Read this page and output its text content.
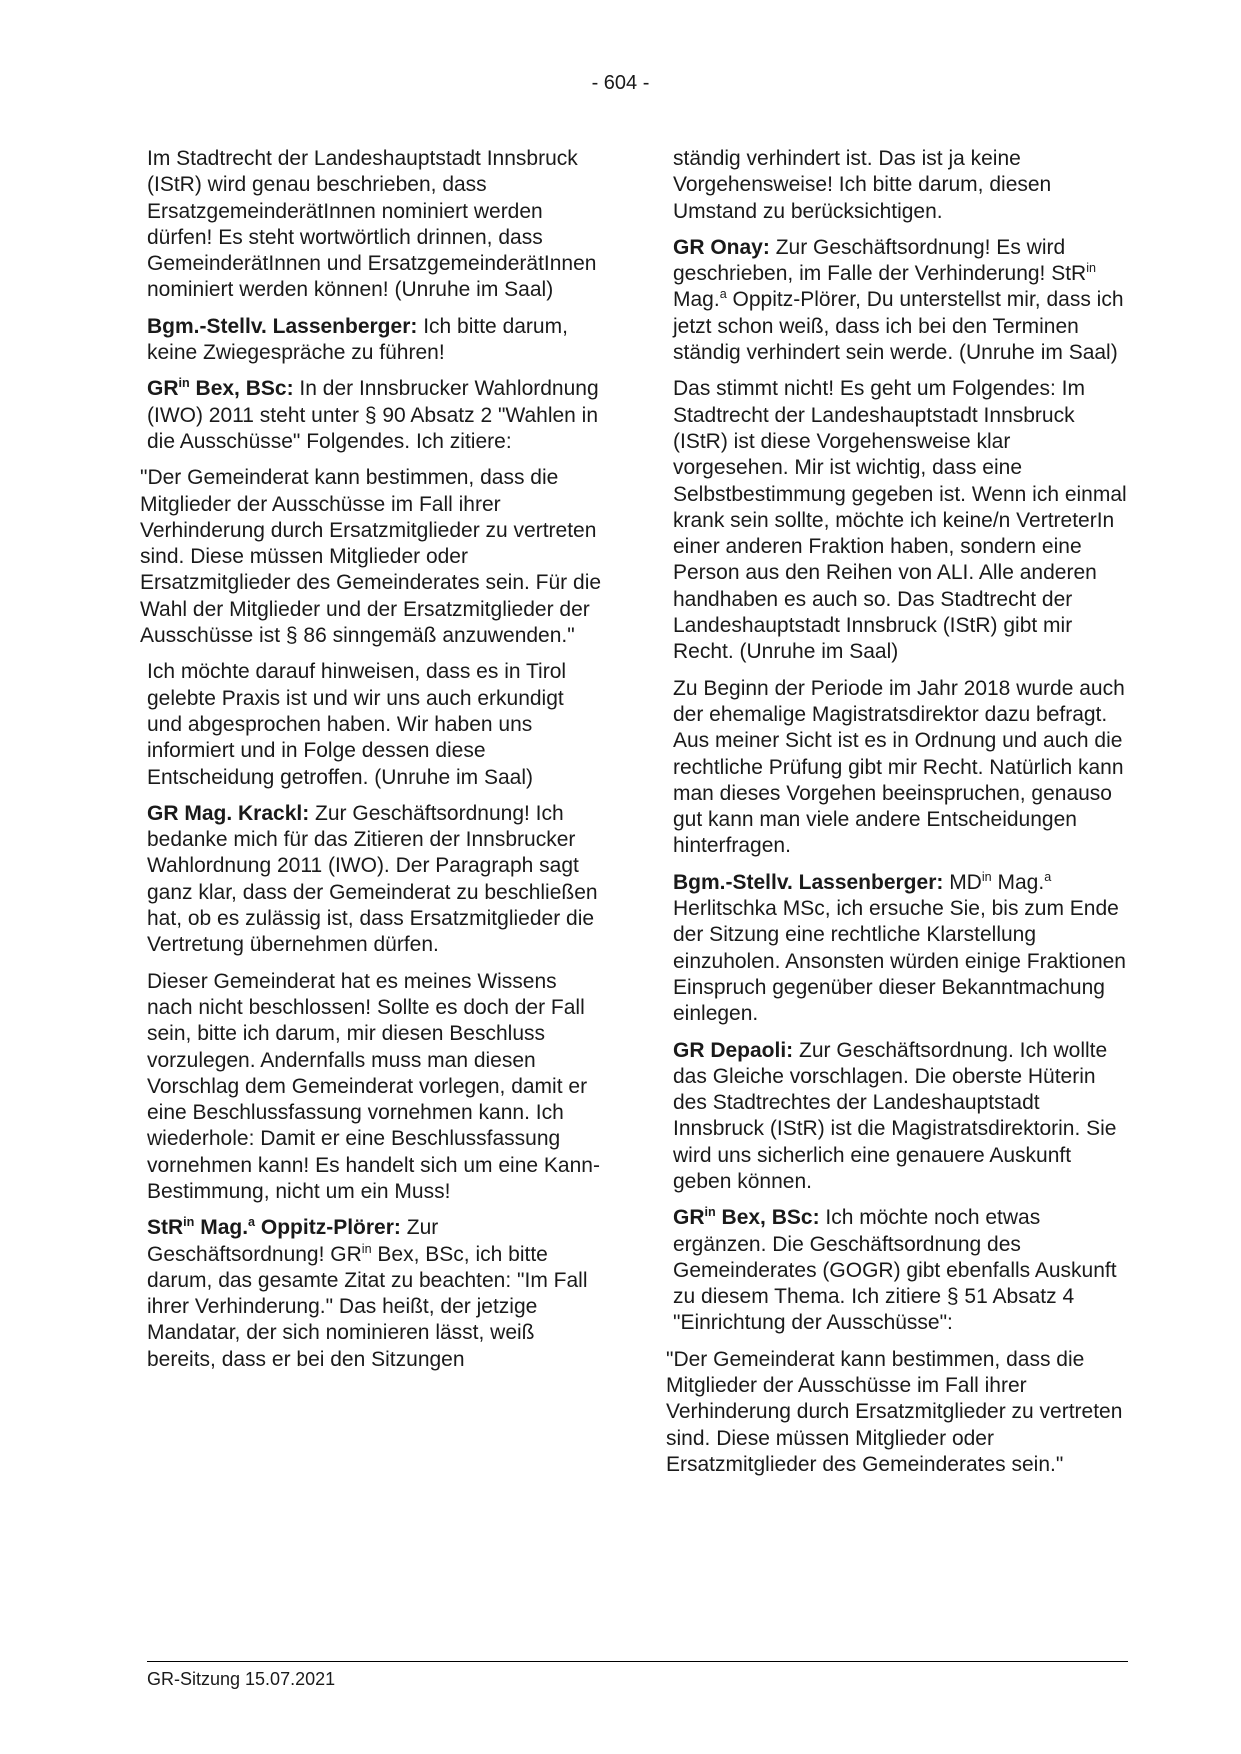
- 604 -

Im Stadtrecht der Landeshauptstadt Innsbruck (IStR) wird genau beschrieben, dass ErsatzgemeinderätInnen nominiert werden dürfen! Es steht wortwörtlich drinnen, dass GemeinderätInnen und ErsatzgemeinderätInnen nominiert werden können! (Unruhe im Saal)

Bgm.-Stellv. Lassenberger: Ich bitte darum, keine Zwiegespräche zu führen!

$GR^{in}$ Bex, BSc: In der Innsbrucker Wahlordnung (IWO) 2011 steht unter § 90 Absatz 2 "Wahlen in die Ausschüsse" Folgendes. Ich zitiere:

"Der Gemeinderat kann bestimmen, dass die Mitglieder der Ausschüsse im Fall ihrer Verhinderung durch Ersatzmitglieder zu vertreten sind. Diese müssen Mitglieder oder Ersatzmitglieder des Gemeinderates sein. Für die Wahl der Mitglieder und der Ersatzmitglieder der Ausschüsse ist § 86 sinngemäß anzuwenden."

Ich möchte darauf hinweisen, dass es in Tirol gelebte Praxis ist und wir uns auch erkundigt und abgesprochen haben. Wir haben uns informiert und in Folge dessen diese Entscheidung getroffen. (Unruhe im Saal)

GR Mag. Krackl: Zur Geschäftsordnung! Ich bedanke mich für das Zitieren der Innsbrucker Wahlordnung 2011 (IWO). Der Paragraph sagt ganz klar, dass der Gemeinderat zu beschließen hat, ob es zulässig ist, dass Ersatzmitglieder die Vertretung übernehmen dürfen.

Dieser Gemeinderat hat es meines Wissens nach nicht beschlossen! Sollte es doch der Fall sein, bitte ich darum, mir diesen Beschluss vorzulegen. Andernfalls muss man diesen Vorschlag dem Gemeinderat vorlegen, damit er eine Beschlussfassung vornehmen kann. Ich wiederhole: Damit er eine Beschlussfassung vornehmen kann! Es handelt sich um eine Kann-Bestimmung, nicht um ein Muss!

StR$^{in}$ Mag.$^a$ Oppitz-Plörer: Zur Geschäftsordnung! $GR^{in}$ Bex, BSc, ich bitte darum, das gesamte Zitat zu beachten: "Im Fall ihrer Verhinderung." Das heißt, der jetzige Mandatar, der sich nominieren lässt, weiß bereits, dass er bei den Sitzungen

ständig verhindert ist. Das ist ja keine Vorgehensweise! Ich bitte darum, diesen Umstand zu berücksichtigen.

GR Onay: Zur Geschäftsordnung! Es wird geschrieben, im Falle der Verhinderung! StR$^{in}$ Mag.$^a$ Oppitz-Plörer, Du unterstellst mir, dass ich jetzt schon weiß, dass ich bei den Terminen ständig verhindert sein werde. (Unruhe im Saal)

Das stimmt nicht! Es geht um Folgendes: Im Stadtrecht der Landeshauptstadt Innsbruck (IStR) ist diese Vorgehensweise klar vorgesehen. Mir ist wichtig, dass eine Selbstbestimmung gegeben ist. Wenn ich einmal krank sein sollte, möchte ich keine/n VertreterIn einer anderen Fraktion haben, sondern eine Person aus den Reihen von ALI. Alle anderen handhaben es auch so. Das Stadtrecht der Landeshauptstadt Innsbruck (IStR) gibt mir Recht. (Unruhe im Saal)

Zu Beginn der Periode im Jahr 2018 wurde auch der ehemalige Magistratsdirektor dazu befragt. Aus meiner Sicht ist es in Ordnung und auch die rechtliche Prüfung gibt mir Recht. Natürlich kann man dieses Vorgehen beeinspruchen, genauso gut kann man viele andere Entscheidungen hinterfragen.

Bgm.-Stellv. Lassenberger: $MD^{in}$ Mag.$^a$ Herlitschka MSc, ich ersuche Sie, bis zum Ende der Sitzung eine rechtliche Klarstellung einzuholen. Ansonsten würden einige Fraktionen Einspruch gegenüber dieser Bekanntmachung einlegen.

GR Depaoli: Zur Geschäftsordnung. Ich wollte das Gleiche vorschlagen. Die oberste Hüterin des Stadtrechtes der Landeshauptstadt Innsbruck (IStR) ist die Magistratsdirektorin. Sie wird uns sicherlich eine genauere Auskunft geben können.

$GR^{in}$ Bex, BSc: Ich möchte noch etwas ergänzen. Die Geschäftsordnung des Gemeinderates (GOGR) gibt ebenfalls Auskunft zu diesem Thema. Ich zitiere § 51 Absatz 4 "Einrichtung der Ausschüsse":

"Der Gemeinderat kann bestimmen, dass die Mitglieder der Ausschüsse im Fall ihrer Verhinderung durch Ersatzmitglieder zu vertreten sind. Diese müssen Mitglieder oder Ersatzmitglieder des Gemeinderates sein."

GR-Sitzung 15.07.2021
